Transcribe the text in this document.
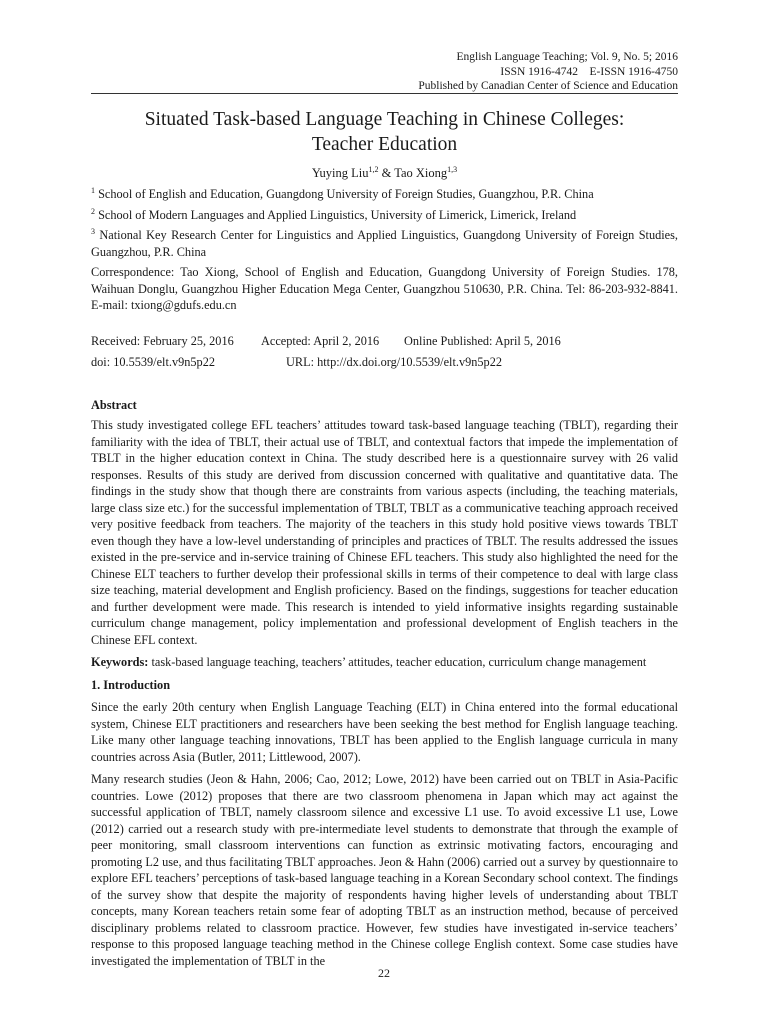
English Language Teaching; Vol. 9, No. 5; 2016
ISSN 1916-4742    E-ISSN 1916-4750
Published by Canadian Center of Science and Education
Situated Task-based Language Teaching in Chinese Colleges:
Teacher Education
Yuying Liu$^{1,2}$ & Tao Xiong$^{1,3}$

$^1$ School of English and Education, Guangdong University of Foreign Studies, Guangzhou, P.R. China

$^2$ School of Modern Languages and Applied Linguistics, University of Limerick, Limerick, Ireland

$^3$ National Key Research Center for Linguistics and Applied Linguistics, Guangdong University of Foreign Studies, Guangzhou, P.R. China

Correspondence: Tao Xiong, School of English and Education, Guangdong University of Foreign Studies. 178, Waihuan Donglu, Guangzhou Higher Education Mega Center, Guangzhou 510630, P.R. China. Tel: 86-203-932-8841. E-mail: txiong@gdufs.edu.cn

Received: February 25, 2016 Accepted: April 2, 2016 Online Published: April 5, 2016
doi: 10.5539/elt.v9n5p22	URL: http://dx.doi.org/10.5539/elt.v9n5p22
Abstract

This study investigated college EFL teachers’ attitudes toward task-based language teaching (TBLT), regarding their familiarity with the idea of TBLT, their actual use of TBLT, and contextual factors that impede the implementation of TBLT in the higher education context in China. The study described here is a questionnaire survey with 26 valid responses. Results of this study are derived from discussion concerned with qualitative and quantitative data. The findings in the study show that though there are constraints from various aspects (including, the teaching materials, large class size etc.) for the successful implementation of TBLT, TBLT as a communicative teaching approach received very positive feedback from teachers. The majority of the teachers in this study hold positive views towards TBLT even though they have a low-level understanding of principles and practices of TBLT. The results addressed the issues existed in the pre-service and in-service training of Chinese EFL teachers. This study also highlighted the need for the Chinese ELT teachers to further develop their professional skills in terms of their competence to deal with large class size teaching, material development and English proficiency. Based on the findings, suggestions for teacher education and further development were made. This research is intended to yield informative insights regarding sustainable curriculum change management, policy implementation and professional development of English teachers in the Chinese EFL context.

Keywords: task-based language teaching, teachers’ attitudes, teacher education, curriculum change management

1. Introduction

Since the early 20th century when English Language Teaching (ELT) in China entered into the formal educational system, Chinese ELT practitioners and researchers have been seeking the best method for English language teaching. Like many other language teaching innovations, TBLT has been applied to the English language curricula in many countries across Asia (Butler, 2011; Littlewood, 2007).

Many research studies (Jeon & Hahn, 2006; Cao, 2012; Lowe, 2012) have been carried out on TBLT in Asia-Pacific countries. Lowe (2012) proposes that there are two classroom phenomena in Japan which may act against the successful application of TBLT, namely classroom silence and excessive L1 use. To avoid excessive L1 use, Lowe (2012) carried out a research study with pre-intermediate level students to demonstrate that through the example of peer monitoring, small classroom interventions can function as extrinsic motivating factors, encouraging and promoting L2 use, and thus facilitating TBLT approaches. Jeon & Hahn (2006) carried out a survey by questionnaire to explore EFL teachers’ perceptions of task-based language teaching in a Korean Secondary school context. The findings of the survey show that despite the majority of respondents having higher levels of understanding about TBLT concepts, many Korean teachers retain some fear of adopting TBLT as an instruction method, because of perceived disciplinary problems related to classroom practice. However, few studies have investigated in-service teachers’ response to this proposed language teaching method in the Chinese college English context. Some case studies have investigated the implementation of TBLT in the

22
